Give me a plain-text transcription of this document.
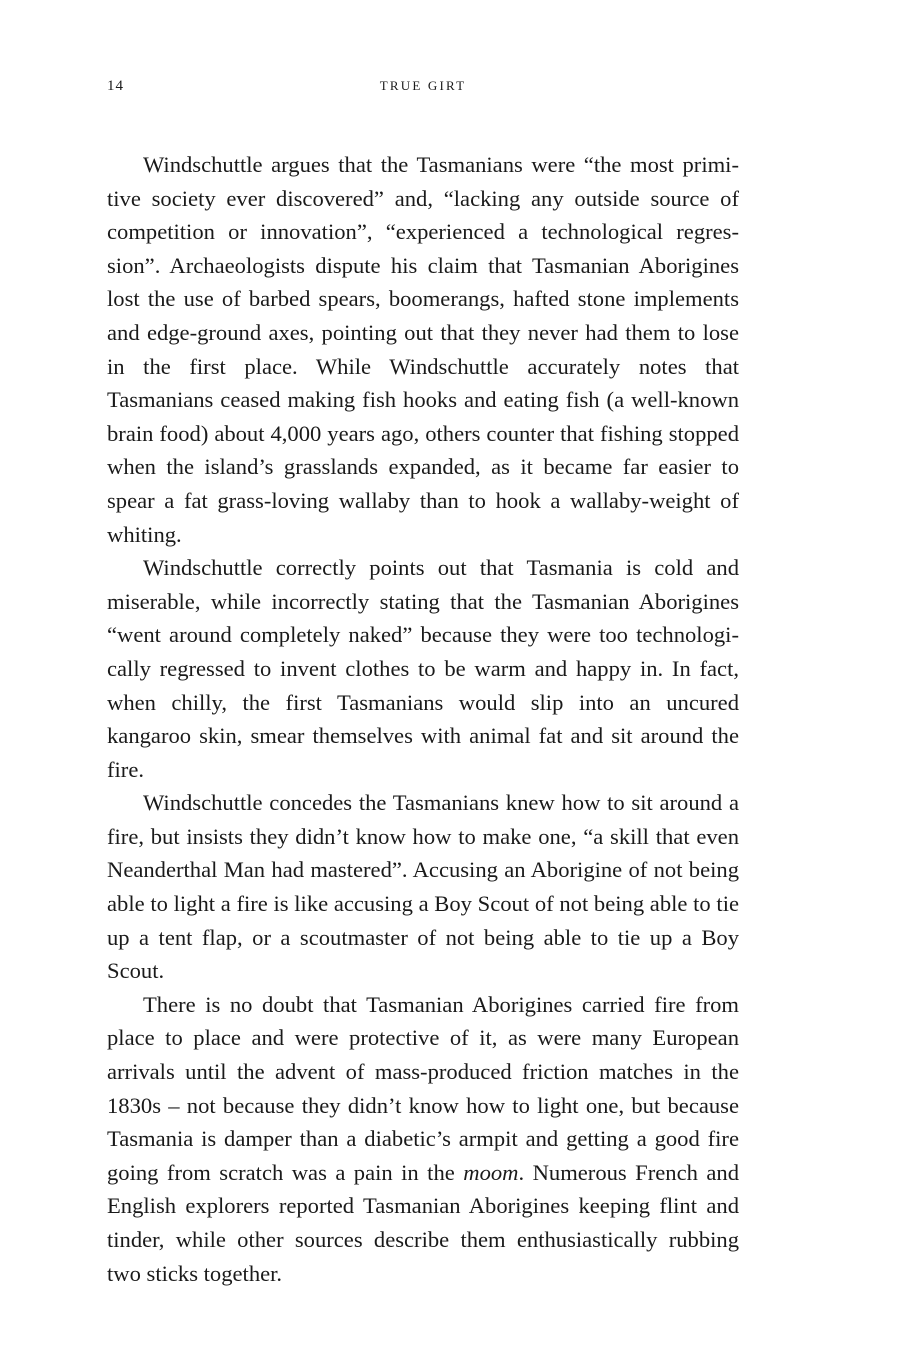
14	TRUE GIRT

Windschuttle argues that the Tasmanians were “the most primitive society ever discovered” and, “lacking any outside source of competition or innovation”, “experienced a technological regression”. Archaeologists dispute his claim that Tasmanian Aborigines lost the use of barbed spears, boomerangs, hafted stone implements and edge-ground axes, pointing out that they never had them to lose in the first place. While Windschuttle accurately notes that Tasmanians ceased making fish hooks and eating fish (a well-known brain food) about 4,000 years ago, others counter that fishing stopped when the island’s grasslands expanded, as it became far easier to spear a fat grass-loving wallaby than to hook a wallaby-weight of whiting.

Windschuttle correctly points out that Tasmania is cold and miserable, while incorrectly stating that the Tasmanian Aborigines “went around completely naked” because they were too technologically regressed to invent clothes to be warm and happy in. In fact, when chilly, the first Tasmanians would slip into an uncured kangaroo skin, smear themselves with animal fat and sit around the fire.

Windschuttle concedes the Tasmanians knew how to sit around a fire, but insists they didn’t know how to make one, “a skill that even Neanderthal Man had mastered”. Accusing an Aborigine of not being able to light a fire is like accusing a Boy Scout of not being able to tie up a tent flap, or a scoutmaster of not being able to tie up a Boy Scout.

There is no doubt that Tasmanian Aborigines carried fire from place to place and were protective of it, as were many European arrivals until the advent of mass-produced friction matches in the 1830s – not because they didn’t know how to light one, but because Tasmania is damper than a diabetic’s armpit and getting a good fire going from scratch was a pain in the moom. Numerous French and English explorers reported Tasmanian Aborigines keeping flint and tinder, while other sources describe them enthusiastically rubbing two sticks together.
